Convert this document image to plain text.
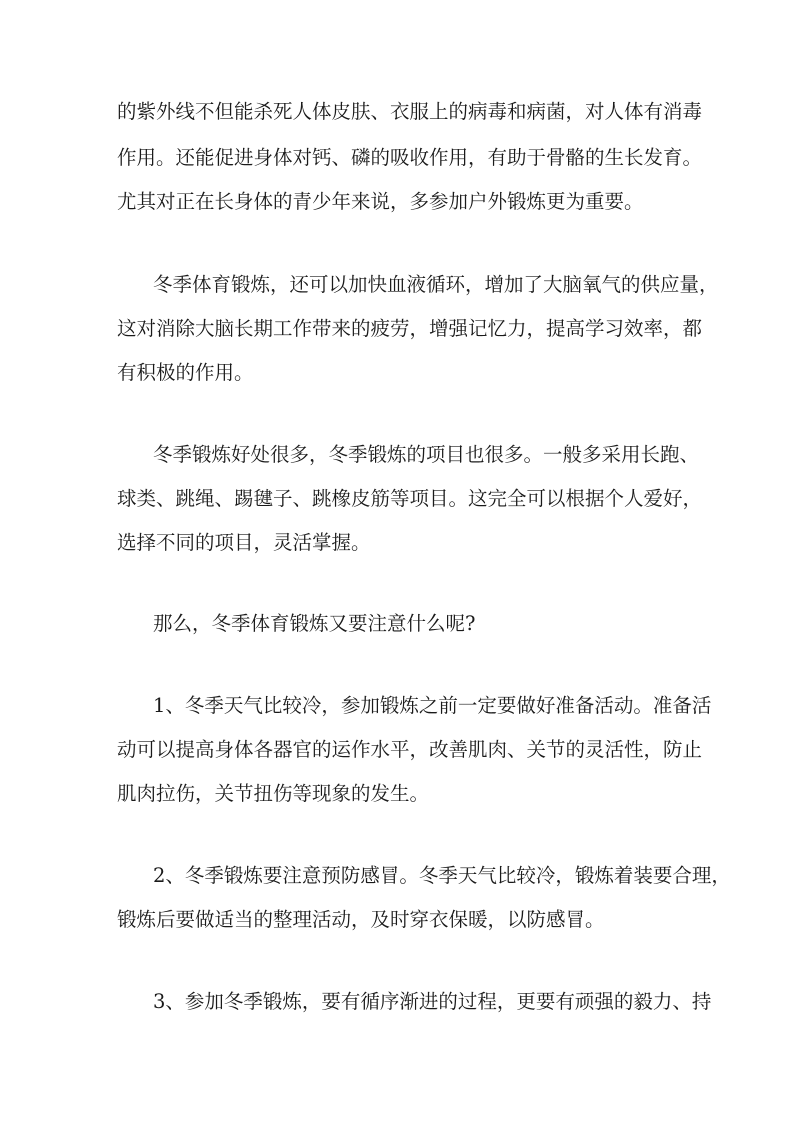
的紫外线不但能杀死人体皮肤、衣服上的病毒和病菌，对人体有消毒
作用。还能促进身体对钙、磷的吸收作用，有助于骨骼的生长发育。
尤其对正在长身体的青少年来说，多参加户外锻炼更为重要。
冬季体育锻炼，还可以加快血液循环，增加了大脑氧气的供应量，
这对消除大脑长期工作带来的疲劳，增强记忆力，提高学习效率，都
有积极的作用。
冬季锻炼好处很多，冬季锻炼的项目也很多。一般多采用长跑、
球类、跳绳、踢毽子、跳橡皮筋等项目。这完全可以根据个人爱好，
选择不同的项目，灵活掌握。
那么，冬季体育锻炼又要注意什么呢?
1、冬季天气比较冷，参加锻炼之前一定要做好准备活动。准备活
动可以提高身体各器官的运作水平，改善肌肉、关节的灵活性，防止
肌肉拉伤，关节扭伤等现象的发生。
2、冬季锻炼要注意预防感冒。冬季天气比较冷，锻炼着装要合理，
锻炼后要做适当的整理活动，及时穿衣保暖，以防感冒。
3、参加冬季锻炼，要有循序渐进的过程，更要有顽强的毅力、持
